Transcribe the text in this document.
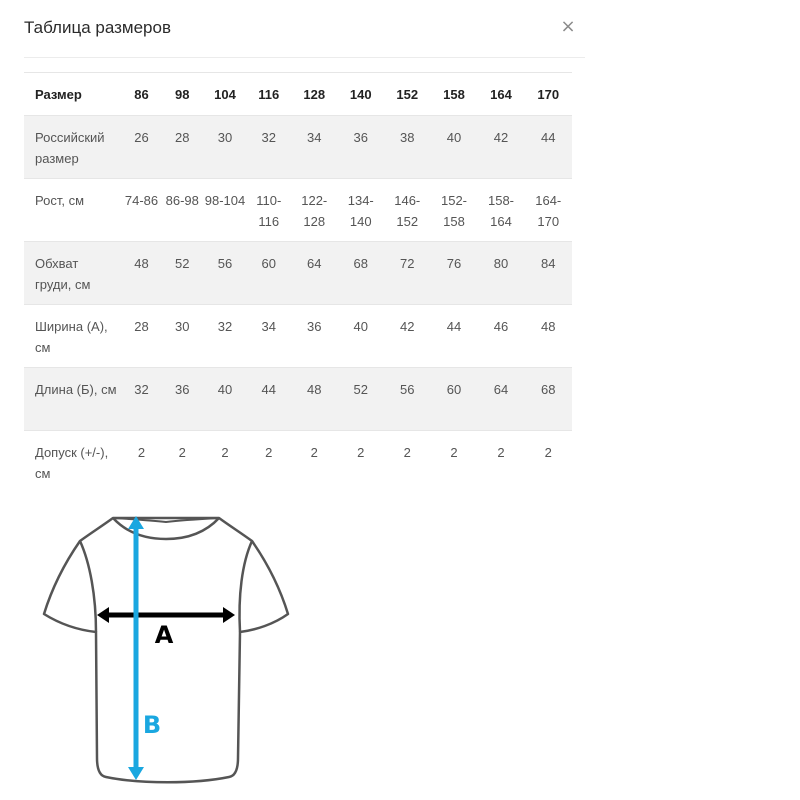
Таблица размеров	×
Размер	86	98	104	116	128	140	152	158	164	170
Российский размер	26	28	30	32	34	36	38	40	42	44
Рост, см	74-86	86-98	98-104	110-116	122-128	134-140	146-152	152-158	158-164	164-170
Обхват груди, см	48	52	56	60	64	68	72	76	80	84
Ширина (А), см	28	30	32	34	36	40	42	44	46	48
Длина (Б), см	32	36	40	44	48	52	56	60	64	68
Допуск (+/-), см	2	2	2	2	2	2	2	2	2	2
A
B
